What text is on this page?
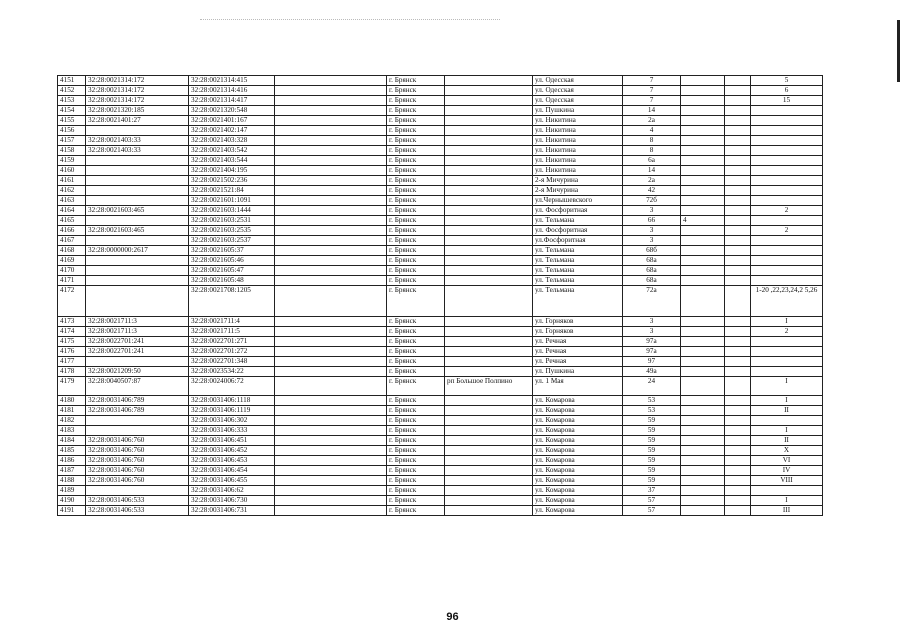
4151	32:28:0021314:172	32:28:0021314:415		г. Брянск		ул. Одесская	7			5
4152	32:28:0021314:172	32:28:0021314:416		г. Брянск		ул. Одесская	7			6
4153	32:28:0021314:172	32:28:0021314:417		г. Брянск		ул. Одесская	7			15
4154	32:28:0021320:185	32:28:0021320:548		г. Брянск		ул. Пушкина	14			
4155	32:28:0021401:27	32:28:0021401:167		г. Брянск		ул. Никитина	2а			
4156		32:28:0021402:147		г. Брянск		ул. Никитина	4			
4157	32:28:0021403:33	32:28:0021403:328		г. Брянск		ул. Никитина	8			
4158	32:28:0021403:33	32:28:0021403:542		г. Брянск		ул. Никитина	8			
4159		32:28:0021403:544		г. Брянск		ул. Никитина	6а			
4160		32:28:0021404:195		г. Брянск		ул. Никитина	14			
4161		32:28:0021502:236		г. Брянск		2-я Мичурина	2а			
4162		32:28:0021521:84		г. Брянск		2-я Мичурина	42			
4163		32:28:0021601:1091		г. Брянск		ул.Чернышевского	72б			
4164	32:28:0021603:465	32:28:0021603:1444		г. Брянск		ул. Фосфоритная	3			2
4165		32:28:0021603:2531		г. Брянск		ул. Тельмана	66	4		
4166	32:28:0021603:465	32:28:0021603:2535		г. Брянск		ул. Фосфоритная	3			2
4167		32:28:0021603:2537		г. Брянск		ул.Фосфоритная	3			
4168	32:28:0000000:2617	32:28:0021605:37		г. Брянск		ул. Тельмана	68б			
4169		32:28:0021605:46		г. Брянск		ул. Тельмана	68а			
4170		32:28:0021605:47		г. Брянск		ул. Тельмана	68а			
4171		32:28:0021605:48		г. Брянск		ул. Тельмана	68а			
4172		32:28:0021708:1205		г. Брянск		ул. Тельмана	72а			1-20 ,22,23,24,2 5,26
4173	32:28:0021711:3	32:28:0021711:4		г. Брянск		ул. Горняков	3			I
4174	32:28:0021711:3	32:28:0021711:5		г. Брянск		ул. Горняков	3			2
4175	32:28:0022701:241	32:28:0022701:271		г. Брянск		ул. Речная	97а			
4176	32:28:0022701:241	32:28:0022701:272		г. Брянск		ул. Речная	97а			
4177		32:28:0022701:348		г. Брянск		ул. Речная	97			
4178	32:28:0021209:50	32:28:0023534:22		г. Брянск		ул. Пушкина	49а			
4179	32:28:0040507:87	32:28:0024006:72		г. Брянск	рп Большое Полпино	ул. 1 Мая	24			I
4180	32:28:0031406:789	32:28:0031406:1118		г. Брянск		ул. Комарова	53			I
4181	32:28:0031406:789	32:28:0031406:1119		г. Брянск		ул. Комарова	53			II
4182		32:28:0031406:302		г. Брянск		ул. Комарова	59			
4183		32:28:0031406:333		г. Брянск		ул. Комарова	59			I
4184	32:28:0031406:760	32:28:0031406:451		г. Брянск		ул. Комарова	59			II
4185	32:28:0031406:760	32:28:0031406:452		г. Брянск		ул. Комарова	59			X
4186	32:28:0031406:760	32:28:0031406:453		г. Брянск		ул. Комарова	59			VI
4187	32:28:0031406:760	32:28:0031406:454		г. Брянск		ул. Комарова	59			IV
4188	32:28:0031406:760	32:28:0031406:455		г. Брянск		ул. Комарова	59			VIII
4189		32:28:0031406:62		г. Брянск		ул. Комарова	37			
4190	32:28:0031406:533	32:28:0031406:730		г. Брянск		ул. Комарова	57			I
4191	32:28:0031406:533	32:28:0031406:731		г. Брянск		ул. Комарова	57			III
96
